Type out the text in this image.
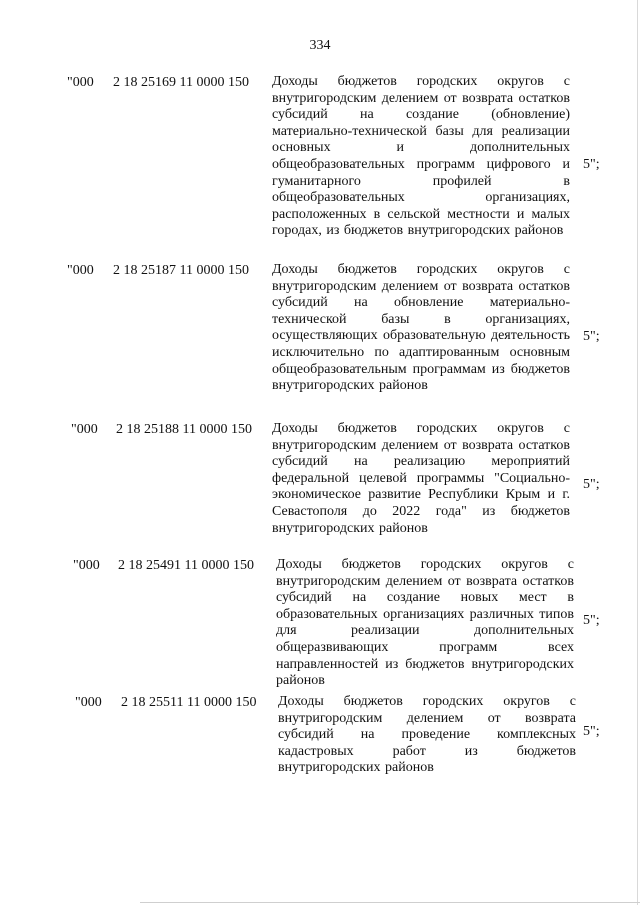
334
"000 2 18 25169 11 0000 150 Доходы бюджетов городских округов с внутригородским делением от возврата остатков субсидий на создание (обновление) материально-технической базы для реализации основных и дополнительных общеобразовательных программ цифрового и гуманитарного профилей в общеобразовательных организациях, расположенных в сельской местности и малых городах, из бюджетов внутригородских районов
5";
"000 2 18 25187 11 0000 150 Доходы бюджетов городских округов с внутригородским делением от возврата остатков субсидий на обновление материально-технической базы в организациях, осуществляющих образовательную деятельность исключительно по адаптированным основным общеобразовательным программам из бюджетов внутригородских районов
5";
"000 2 18 25188 11 0000 150 Доходы бюджетов городских округов с внутригородским делением от возврата остатков субсидий на реализацию мероприятий федеральной целевой программы "Социально-экономическое развитие Республики Крым и г. Севастополя до 2022 года" из бюджетов внутригородских районов
5";
"000 2 18 25491 11 0000 150 Доходы бюджетов городских округов с внутригородским делением от возврата остатков субсидий на создание новых мест в образовательных организациях различных типов для реализации дополнительных общеразвивающих программ всех направленностей из бюджетов внутригородских районов
5";
"000 2 18 25511 11 0000 150 Доходы бюджетов городских округов с внутригородским делением от возврата субсидий на проведение комплексных кадастровых работ из бюджетов внутригородских районов
5";
